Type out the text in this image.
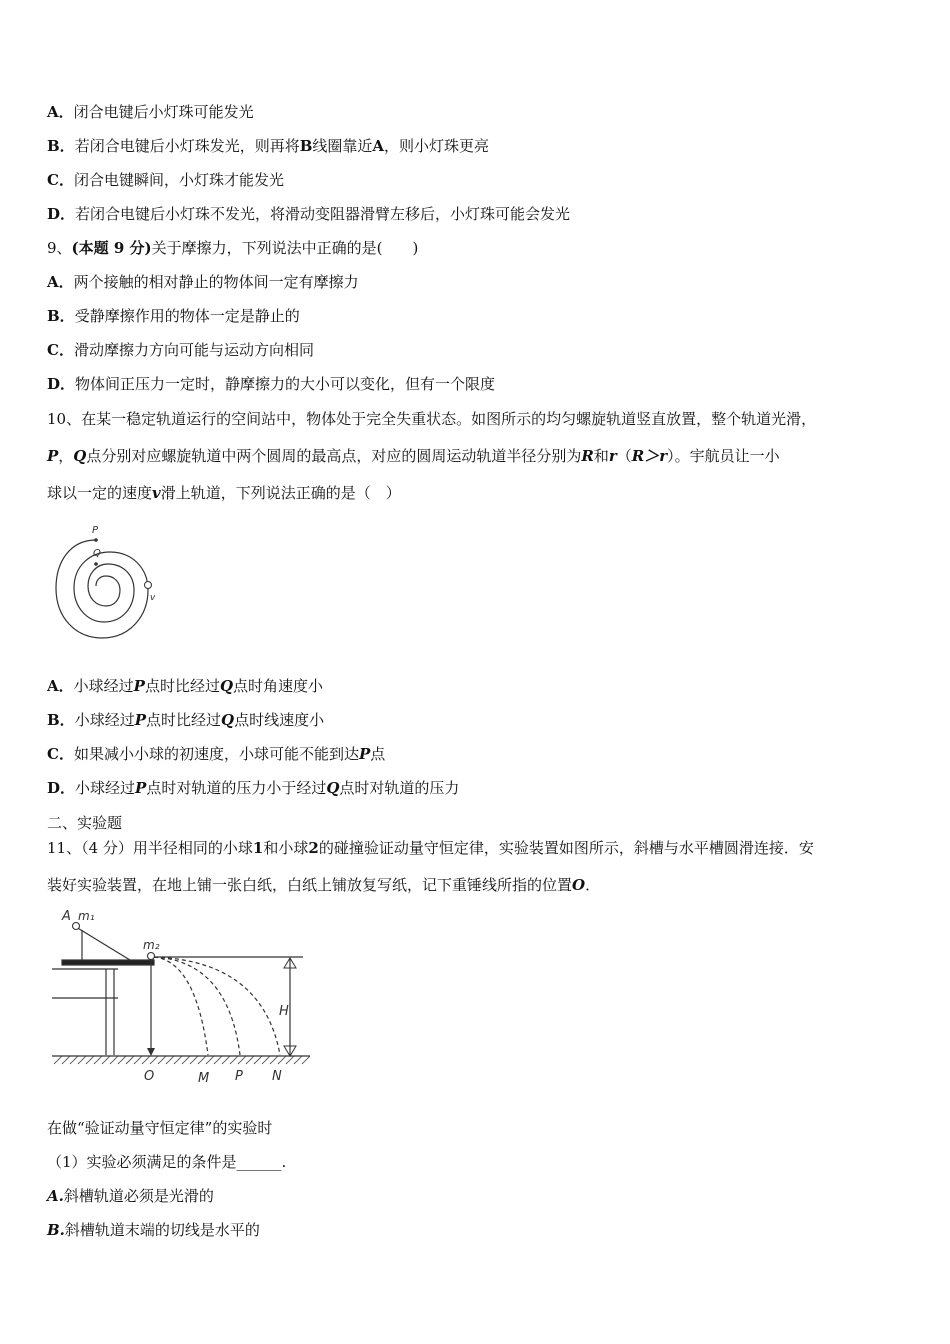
A．闭合电键后小灯珠可能发光
B．若闭合电键后小灯珠发光，则再将B线圈靠近A，则小灯珠更亮
C．闭合电键瞬间，小灯珠才能发光
D．若闭合电键后小灯珠不发光，将滑动变阻器滑臂左移后，小灯珠可能会发光
9、(本题 9 分)关于摩擦力，下列说法中正确的是(　　)
A．两个接触的相对静止的物体间一定有摩擦力
B．受静摩擦作用的物体一定是静止的
C．滑动摩擦力方向可能与运动方向相同
D．物体间正压力一定时，静摩擦力的大小可以变化，但有一个限度
10、在某一稳定轨道运行的空间站中，物体处于完全失重状态。如图所示的均匀螺旋轨道竖直放置，整个轨道光滑，
P，Q点分别对应螺旋轨道中两个圆周的最高点，对应的圆周运动轨道半径分别为R和r（R＞r）。宇航员让一小
球以一定的速度v滑上轨道，下列说法正确的是（　）
P
Q
v
A．小球经过P点时比经过Q点时角速度小
B．小球经过P点时比经过Q点时线速度小
C．如果减小小球的初速度，小球可能不能到达P点
D．小球经过P点时对轨道的压力小于经过Q点时对轨道的压力
二、实验题
11、（4 分）用半径相同的小球1和小球2的碰撞验证动量守恒定律，实验装置如图所示，斜槽与水平槽圆滑连接．安
装好实验装置，在地上铺一张白纸，白纸上铺放复写纸，记下重锤线所指的位置O．
A m₁
m₂
H
O	M P N
在做“验证动量守恒定律”的实验时
（1）实验必须满足的条件是______.
A.斜槽轨道必须是光滑的
B.斜槽轨道末端的切线是水平的
